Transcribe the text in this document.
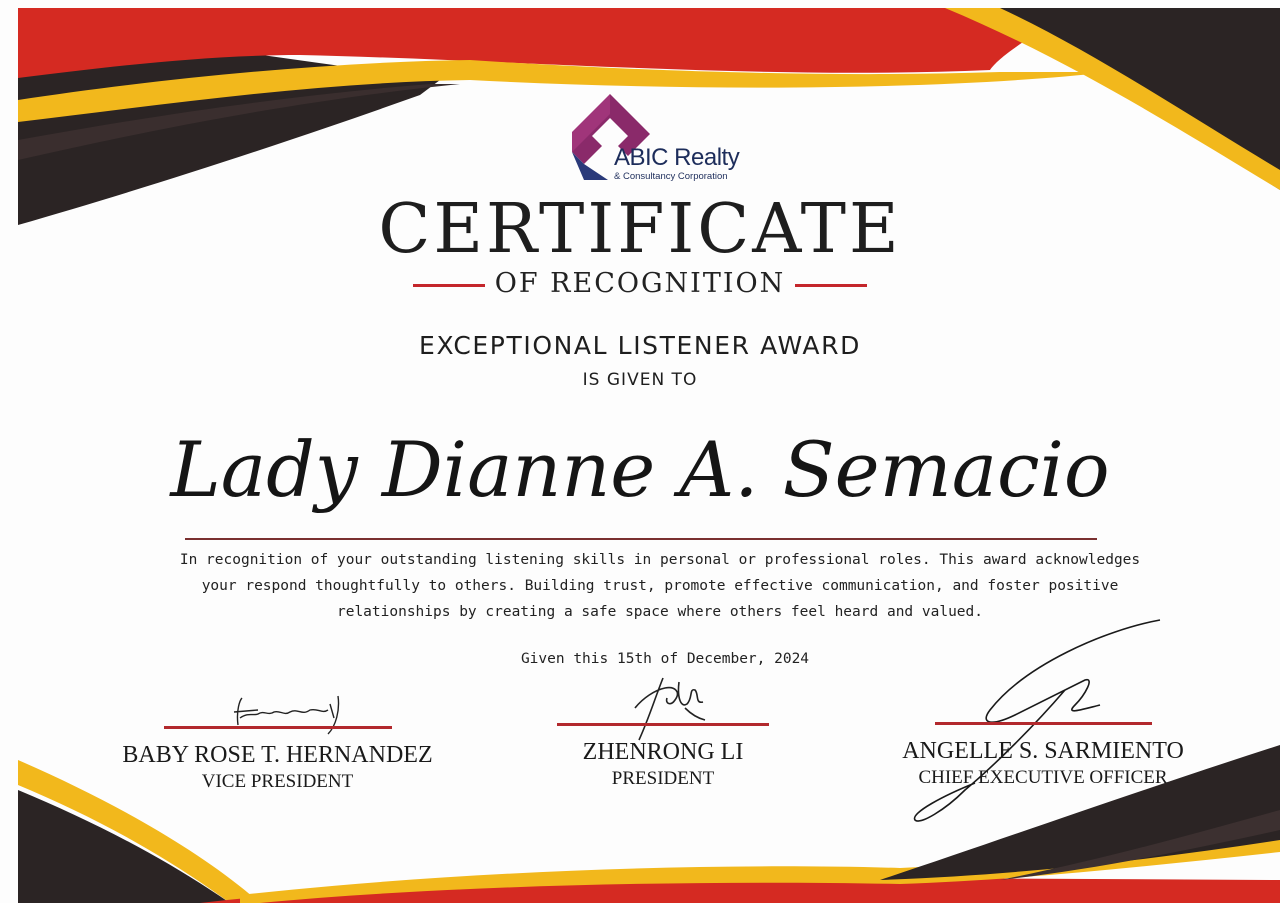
ABIC Realty
& Consultancy Corporation
CERTIFICATE
OF RECOGNITION
EXCEPTIONAL LISTENER AWARD
IS GIVEN TO
Lady Dianne A. Semacio
In recognition of your outstanding listening skills in personal or professional roles. This award acknowledges your respond thoughtfully to others. Building trust, promote effective communication, and foster positive relationships by creating a safe space where others feel heard and valued.
Given this 15th of December, 2024
BABY ROSE T. HERNANDEZ
VICE PRESIDENT
ZHENRONG LI
PRESIDENT
ANGELLE S. SARMIENTO
CHIEF EXECUTIVE OFFICER
